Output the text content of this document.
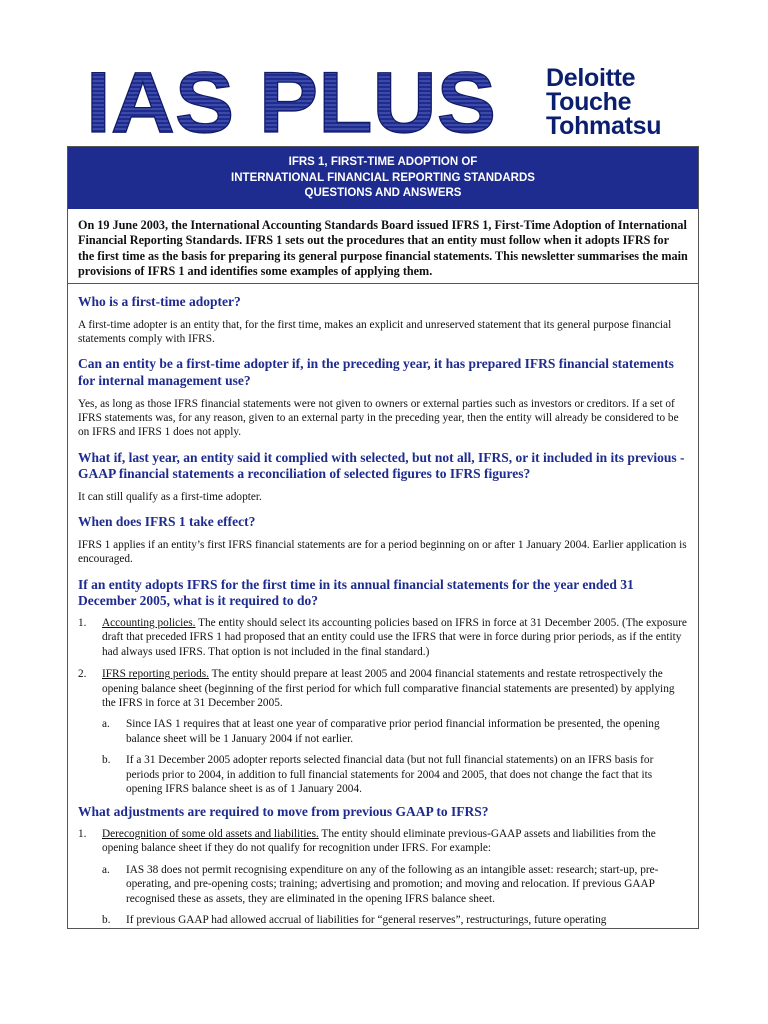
IAS PLUS Deloitte
Touche
Tohmatsu
IFRS 1, FIRST-TIME ADOPTION OF
INTERNATIONAL FINANCIAL REPORTING STANDARDS
QUESTIONS AND ANSWERS
On 19 June 2003, the International Accounting Standards Board issued IFRS 1, First-Time Adoption of International Financial Reporting Standards. IFRS 1 sets out the procedures that an entity must follow when it adopts IFRS for the first time as the basis for preparing its general purpose financial statements. This newsletter summarises the main provisions of IFRS 1 and identifies some examples of applying them.
Who is a first-time adopter?

A first-time adopter is an entity that, for the first time, makes an explicit and unreserved statement that its general purpose financial statements comply with IFRS.

Can an entity be a first-time adopter if, in the preceding year, it has prepared IFRS financial statements for internal management use?

Yes, as long as those IFRS financial statements were not given to owners or external parties such as investors or creditors. If a set of IFRS statements was, for any reason, given to an external party in the preceding year, then the entity will already be considered to be on IFRS and IFRS 1 does not apply.

What if, last year, an entity said it complied with selected, but not all, IFRS, or it included in its previous -GAAP financial statements a reconciliation of selected figures to IFRS figures?

It can still qualify as a first-time adopter.

When does IFRS 1 take effect?

IFRS 1 applies if an entity’s first IFRS financial statements are for a period beginning on or after 1 January 2004. Earlier application is encouraged.

If an entity adopts IFRS for the first time in its annual financial statements for the year ended 31 December 2005, what is it required to do?
1.	Accounting policies. The entity should select its accounting policies based on IFRS in force at 31 December 2005. (The exposure draft that preceded IFRS 1 had proposed that an entity could use the IFRS that were in force during prior periods, as if the entity had always used IFRS. That option is not included in the final standard.)
2.	IFRS reporting periods. The entity should prepare at least 2005 and 2004 financial statements and restate retrospectively the opening balance sheet (beginning of the first period for which full comparative financial statements are presented) by applying the IFRS in force at 31 December 2005.
a.	Since IAS 1 requires that at least one year of comparative prior period financial information be presented, the opening balance sheet will be 1 January 2004 if not earlier.
b.	If a 31 December 2005 adopter reports selected financial data (but not full financial statements) on an IFRS basis for periods prior to 2004, in addition to full financial statements for 2004 and 2005, that does not change the fact that its opening IFRS balance sheet is as of 1 January 2004.
What adjustments are required to move from previous GAAP to IFRS?
1.	Derecognition of some old assets and liabilities. The entity should eliminate previous-GAAP assets and liabilities from the opening balance sheet if they do not qualify for recognition under IFRS. For example:
a.	IAS 38 does not permit recognising expenditure on any of the following as an intangible asset: research; start-up, pre-operating, and pre-opening costs; training; advertising and promotion; and moving and relocation. If previous GAAP recognised these as assets, they are eliminated in the opening IFRS balance sheet.
b.	If previous GAAP had allowed accrual of liabilities for “general reserves”, restructurings, future operating
